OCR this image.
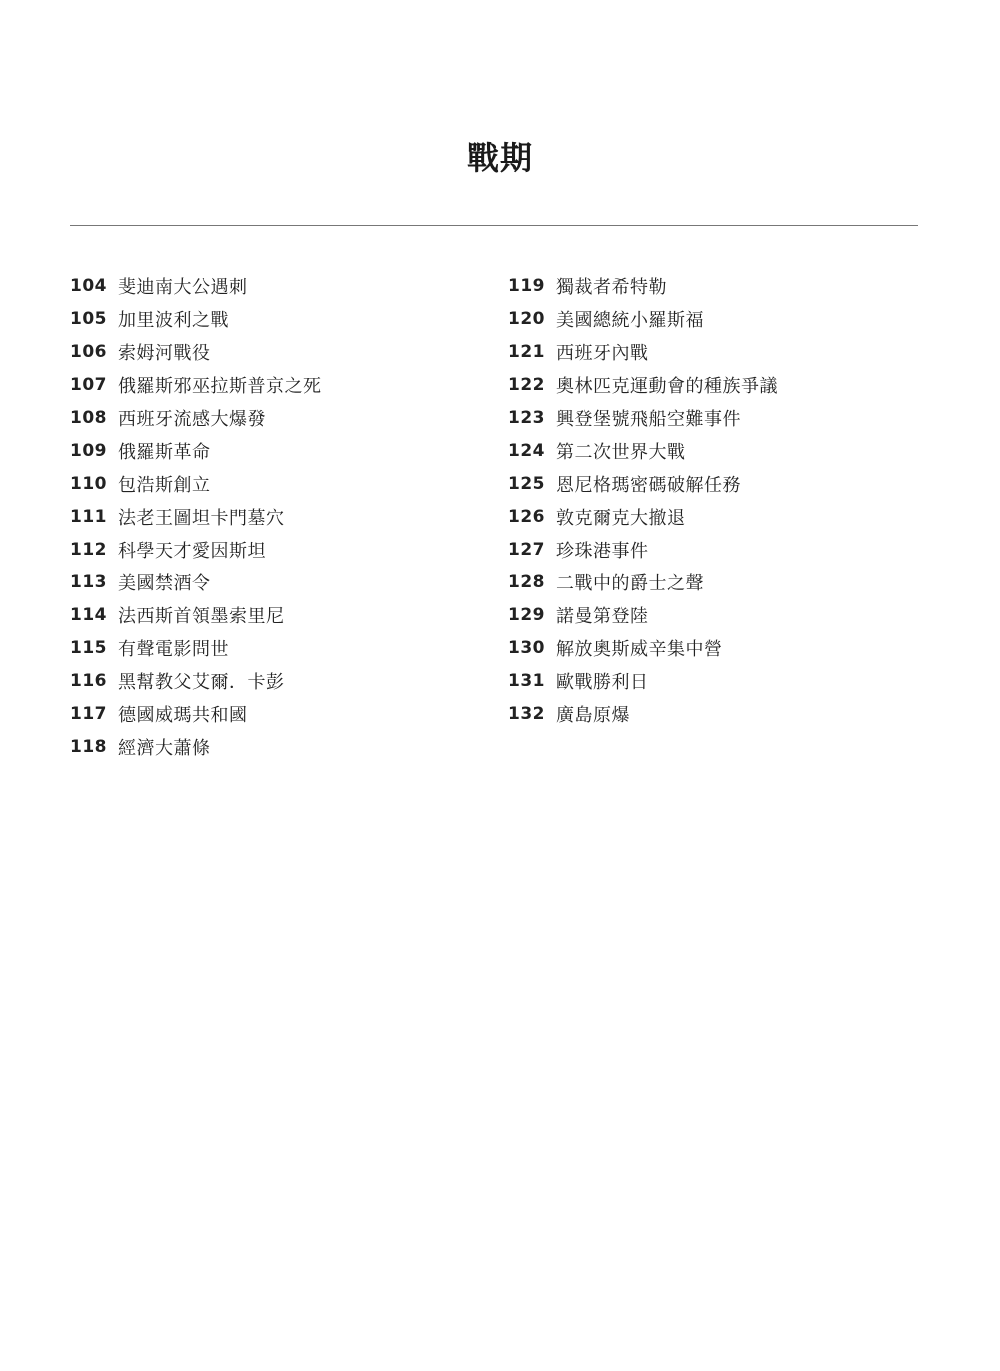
戰期
104 斐迪南大公遇刺
105 加里波利之戰
106 索姆河戰役
107 俄羅斯邪巫拉斯普京之死
108 西班牙流感大爆發
109 俄羅斯革命
110 包浩斯創立
111 法老王圖坦卡門墓穴
112 科學天才愛因斯坦
113 美國禁酒令
114 法西斯首領墨索里尼
115 有聲電影問世
116 黑幫教父艾爾．卡彭
117 德國威瑪共和國
118 經濟大蕭條
119 獨裁者希特勒
120 美國總統小羅斯福
121 西班牙內戰
122 奧林匹克運動會的種族爭議
123 興登堡號飛船空難事件
124 第二次世界大戰
125 恩尼格瑪密碼破解任務
126 敦克爾克大撤退
127 珍珠港事件
128 二戰中的爵士之聲
129 諾曼第登陸
130 解放奧斯威辛集中營
131 歐戰勝利日
132 廣島原爆
